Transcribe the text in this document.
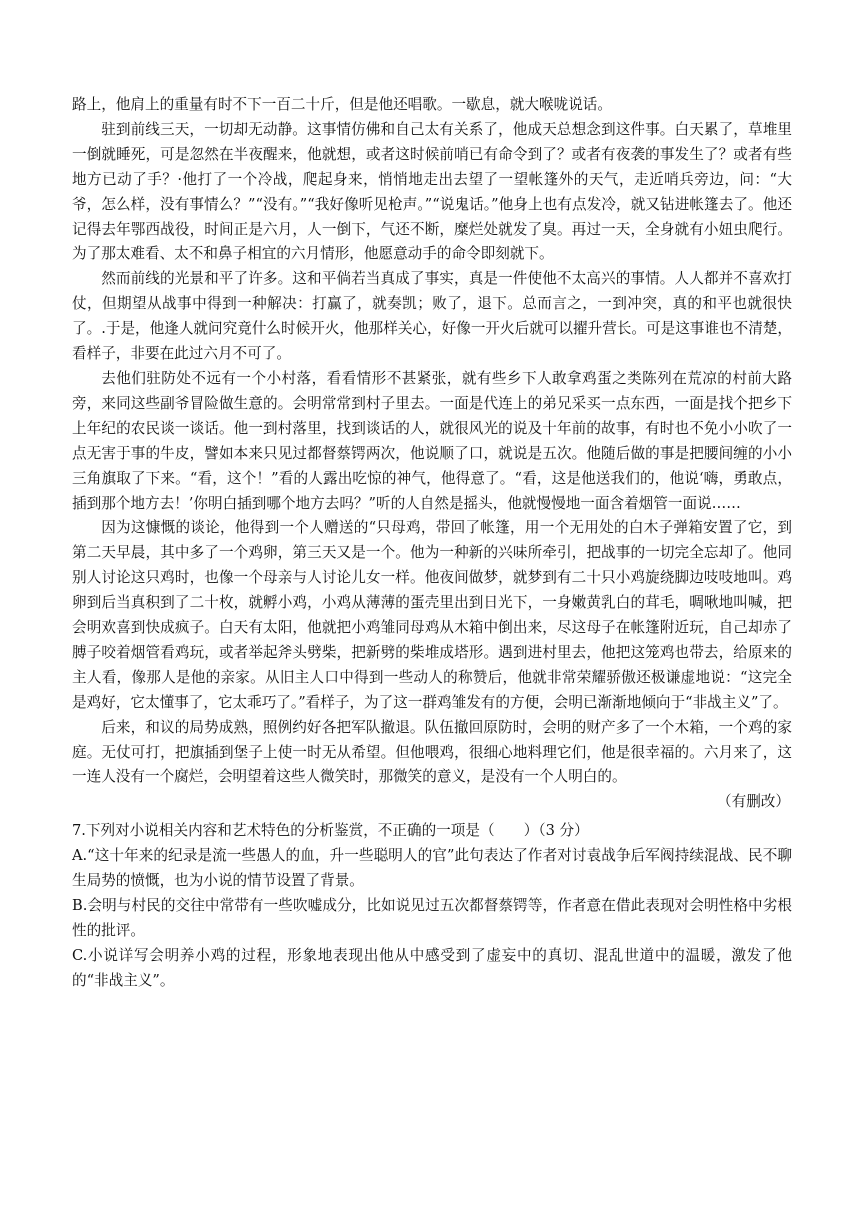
路上，他肩上的重量有时不下一百二十斤，但是他还唱歌。一歇息，就大喉咙说话。

驻到前线三天，一切却无动静。这事情仿佛和自己太有关系了，他成天总想念到这件事。白天累了，草堆里一倒就睡死，可是忽然在半夜醒来，他就想，或者这时候前哨已有命令到了？或者有夜袭的事发生了？或者有些地方已动了手？·他打了一个冷战，爬起身来，悄悄地走出去望了一望帐篷外的天气，走近哨兵旁边，问：“大爷，怎么样，没有事情么？”“没有。”“我好像听见枪声。”“说鬼话。”他身上也有点发冷，就又钻进帐篷去了。他还记得去年鄂西战役，时间正是六月，人一倒下，气还不断，糜烂处就发了臭。再过一天，全身就有小妞虫爬行。为了那太难看、太不和鼻子相宜的六月情形，他愿意动手的命令即刻就下。

然而前线的光景和平了许多。这和平倘若当真成了事实，真是一件使他不太高兴的事情。人人都并不喜欢打仗，但期望从战事中得到一种解决：打赢了，就奏凯；败了，退下。总而言之，一到冲突，真的和平也就很快了。.于是，他逢人就问究竟什么时候开火，他那样关心，好像一开火后就可以擢升营长。可是这事谁也不清楚，看样子，非要在此过六月不可了。

去他们驻防处不远有一个小村落，看看情形不甚紧张，就有些乡下人敢拿鸡蛋之类陈列在荒凉的村前大路旁，来同这些副爷冒险做生意的。会明常常到村子里去。一面是代连上的弟兄采买一点东西，一面是找个把乡下上年纪的农民谈一谈话。他一到村落里，找到谈话的人，就很风光的说及十年前的故事，有时也不免小小吹了一点无害于事的牛皮，譬如本来只见过都督蔡锷两次，他说顺了口，就说是五次。他随后做的事是把腰间缠的小小三角旗取了下来。“看，这个！”看的人露出吃惊的神气，他得意了。“看，这是他送我们的，他说‘嗨，勇敢点，插到那个地方去！’你明白插到哪个地方去吗？”听的人自然是摇头，他就慢慢地一面含着烟管一面说……

因为这慷慨的谈论，他得到一个人赠送的“只母鸡，带回了帐篷，用一个无用处的白木子弹箱安置了它，到第二天早晨，其中多了一个鸡卵，第三天又是一个。他为一种新的兴味所牵引，把战事的一切完全忘却了。他同别人讨论这只鸡时，也像一个母亲与人讨论儿女一样。他夜间做梦，就梦到有二十只小鸡旋绕脚边吱吱地叫。鸡卵到后当真积到了二十枚，就孵小鸡，小鸡从薄薄的蛋壳里出到日光下，一身嫩黄乳白的茸毛，啁啾地叫喊，把会明欢喜到快成疯子。白天有太阳，他就把小鸡雏同母鸡从木箱中倒出来，尽这母子在帐篷附近玩，自己却赤了膊子咬着烟管看鸡玩，或者举起斧头劈柴，把新劈的柴堆成塔形。遇到进村里去，他把这笼鸡也带去，给原来的主人看，像那人是他的亲家。从旧主人口中得到一些动人的称赞后，他就非常荣耀骄傲还极谦虚地说：“这完全是鸡好，它太懂事了，它太乖巧了。”看样子，为了这一群鸡雏发有的方便，会明已渐渐地倾向于“非战主义”了。

后来，和议的局势成熟，照例约好各把军队撤退。队伍撤回原防时，会明的财产多了一个木箱，一个鸡的家庭。无仗可打，把旗插到堡子上使一时无从希望。但他喂鸡，很细心地料理它们，他是很幸福的。六月来了，这一连人没有一个腐烂，会明望着这些人微笑时，那微笑的意义，是没有一个人明白的。

（有删改）

7.下列对小说相关内容和艺术特色的分析鉴赏，不正确的一项是（　　）（3 分）

A.“这十年来的纪录是流一些愚人的血，升一些聪明人的官”此句表达了作者对讨袁战争后军阀持续混战、民不聊生局势的愤慨，也为小说的情节设置了背景。

B.会明与村民的交往中常带有一些吹嘘成分，比如说见过五次都督蔡锷等，作者意在借此表现对会明性格中劣根性的批评。

C.小说详写会明养小鸡的过程，形象地表现出他从中感受到了虚妄中的真切、混乱世道中的温暖，激发了他的“非战主义”。
